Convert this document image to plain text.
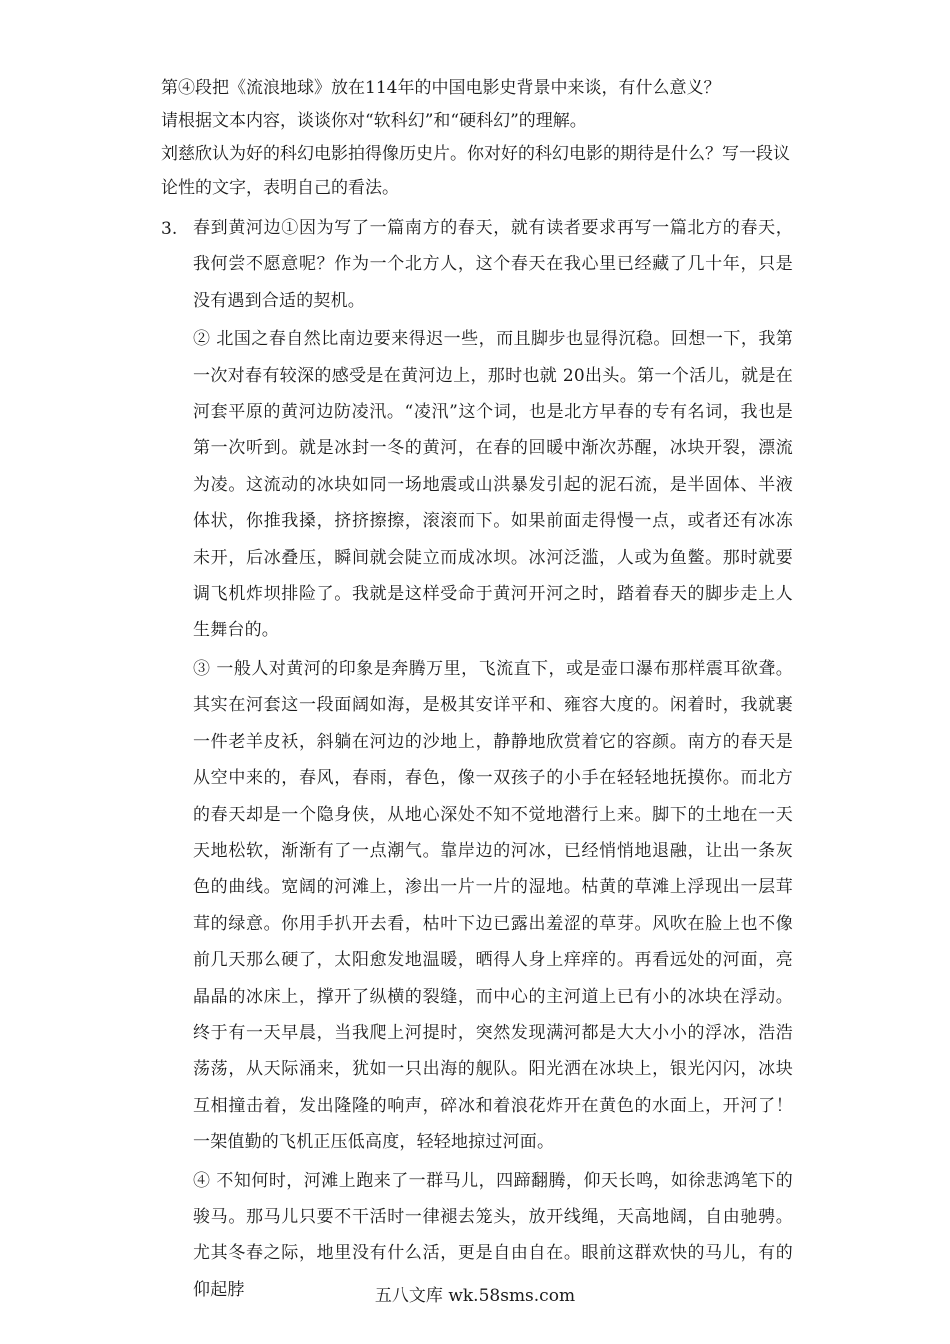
第④段把《流浪地球》放在114年的中国电影史背景中来谈，有什么意义？
请根据文本内容，谈谈你对“软科幻”和“硬科幻”的理解。
刘慈欣认为好的科幻电影拍得像历史片。你对好的科幻电影的期待是什么？写一段议
论性的文字，表明自己的看法。
3. 春到黄河边①因为写了一篇南方的春天，就有读者要求再写一篇北方的春天，我何尝不愿意呢？作为一个北方人，这个春天在我心里已经藏了几十年，只是没有遇到合适的契机。

② 北国之春自然比南边要来得迟一些，而且脚步也显得沉稳。回想一下，我第一次对春有较深的感受是在黄河边上，那时也就 20出头。第一个活儿，就是在河套平原的黄河边防凌汛。“凌汛”这个词，也是北方早春的专有名词，我也是第一次听到。就是冰封一冬的黄河，在春的回暖中渐次苏醒，冰块开裂，漂流为凌。这流动的冰块如同一场地震或山洪暴发引起的泥石流，是半固体、半液体状，你推我搡，挤挤擦擦，滚滚而下。如果前面走得慢一点，或者还有冰冻未开，后冰叠压，瞬间就会陡立而成冰坝。冰河泛滥，人或为鱼鳖。那时就要调飞机炸坝排险了。我就是这样受命于黄河开河之时，踏着春天的脚步走上人生舞台的。

③ 一般人对黄河的印象是奔腾万里，飞流直下，或是壶口瀑布那样震耳欲聋。其实在河套这一段面阔如海，是极其安详平和、雍容大度的。闲着时，我就裹一件老羊皮袄，斜躺在河边的沙地上，静静地欣赏着它的容颜。南方的春天是从空中来的，春风，春雨，春色，像一双孩子的小手在轻轻地抚摸你。而北方的春天却是一个隐身侠，从地心深处不知不觉地潜行上来。脚下的土地在一天天地松软，渐渐有了一点潮气。靠岸边的河冰，已经悄悄地退融，让出一条灰色的曲线。宽阔的河滩上，渗出一片一片的湿地。枯黄的草滩上浮现出一层茸茸的绿意。你用手扒开去看，枯叶下边已露出羞涩的草芽。风吹在脸上也不像前几天那么硬了，太阳愈发地温暖，晒得人身上痒痒的。再看远处的河面，亮晶晶的冰床上，撑开了纵横的裂缝，而中心的主河道上已有小的冰块在浮动。终于有一天早晨，当我爬上河提时，突然发现满河都是大大小小的浮冰，浩浩荡荡，从天际涌来，犹如一只出海的舰队。阳光洒在冰块上，银光闪闪，冰块互相撞击着，发出隆隆的响声，碎冰和着浪花炸开在黄色的水面上，开河了！一架值勤的飞机正压低高度，轻轻地掠过河面。

④ 不知何时，河滩上跑来了一群马儿，四蹄翻腾，仰天长鸣，如徐悲鸿笔下的骏马。那马儿只要不干活时一律褪去笼头，放开线绳，天高地阔，自由驰骋。尤其冬春之际，地里没有什么活，更是自由自在。眼前这群欢快的马儿，有的仰起脖	五八文库 wk.58sms.com
